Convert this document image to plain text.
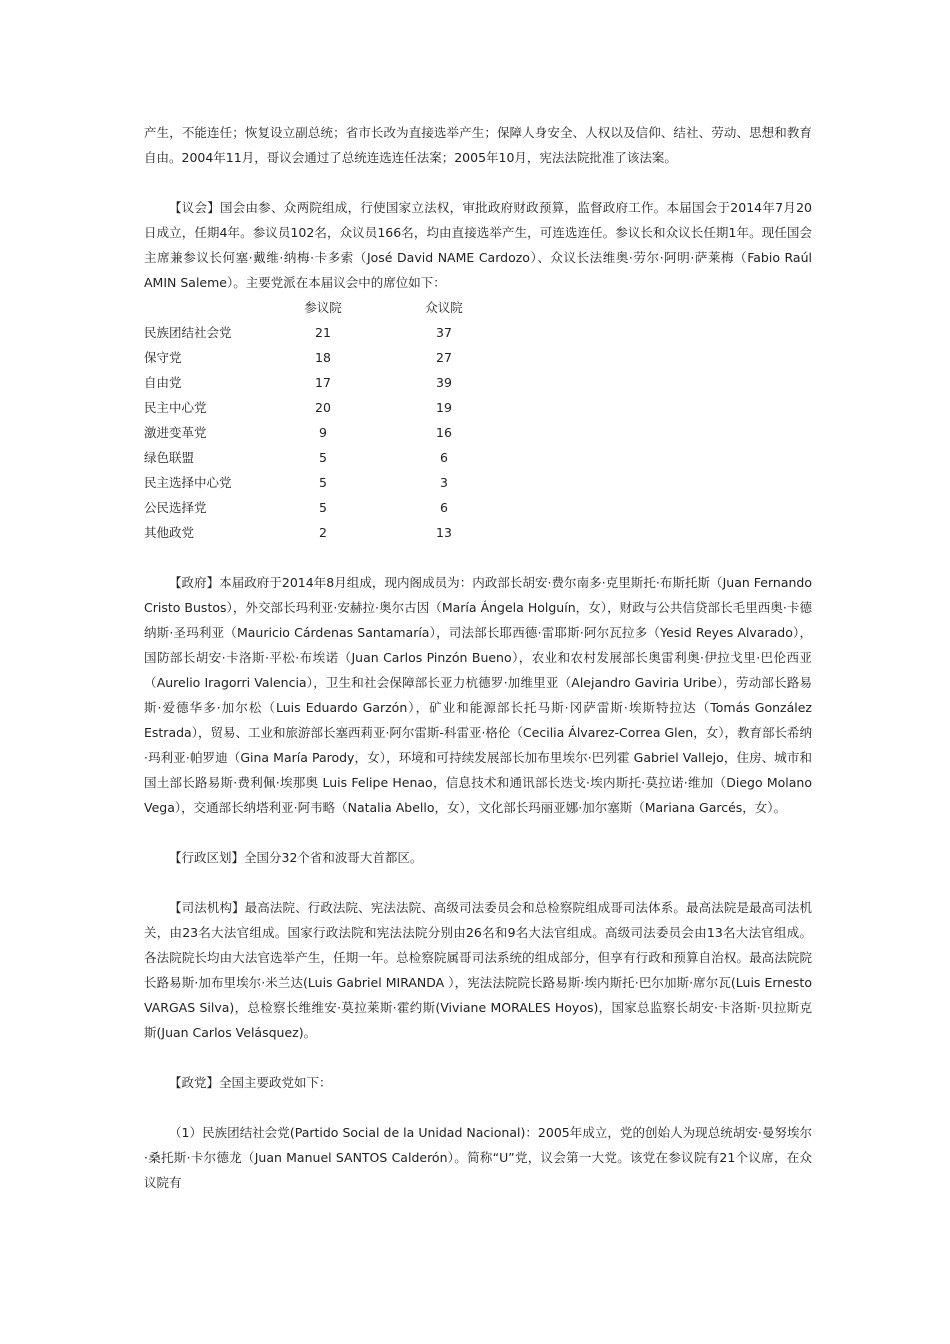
产生，不能连任；恢复设立副总统；省市长改为直接选举产生；保障人身安全、人权以及信仰、结社、劳动、思想和教育自由。2004年11月，哥议会通过了总统连选连任法案；2005年10月，宪法法院批准了该法案。

【议会】国会由参、众两院组成，行使国家立法权，审批政府财政预算，监督政府工作。本届国会于2014年7月20日成立，任期4年。参议员102名，众议员166名，均由直接选举产生，可连选连任。参议长和众议长任期1年。现任国会主席兼参议长何塞·戴维·纳梅·卡多索（José David NAME Cardozo）、众议长法维奥·劳尔·阿明·萨莱梅（Fabio Raúl AMIN Saleme）。主要党派在本届议会中的席位如下：

	参议院		众议院
民族团结社会党	21		37
保守党	18		27
自由党	17		39
民主中心党	20		19
激进变革党	9		16
绿色联盟	5		6
民主选择中心党	5		3
公民选择党	5		6
其他政党	2		13

【政府】本届政府于2014年8月组成，现内阁成员为：内政部长胡安·费尔南多·克里斯托·布斯托斯（Juan Fernando Cristo Bustos），外交部长玛利亚·安赫拉·奥尔古因（María Ángela Holguín，女），财政与公共信贷部长毛里西奥·卡德纳斯·圣玛利亚（Mauricio Cárdenas Santamaría），司法部长耶西德·雷耶斯·阿尔瓦拉多（Yesid Reyes Alvarado），国防部长胡安·卡洛斯·平松·布埃诺（Juan Carlos Pinzón Bueno），农业和农村发展部长奥雷利奥·伊拉戈里·巴伦西亚（Aurelio Iragorri Valencia），卫生和社会保障部长亚力杭德罗·加维里亚（Alejandro Gaviria Uribe），劳动部长路易斯·爱德华多·加尔松（Luis Eduardo Garzón），矿业和能源部长托马斯·冈萨雷斯·埃斯特拉达（Tomás González Estrada），贸易、工业和旅游部长塞西莉亚·阿尔雷斯-科雷亚·格伦（Cecilia Álvarez-Correa Glen，女），教育部长希纳·玛利亚·帕罗迪（Gina María Parody，女），环境和可持续发展部长加布里埃尔·巴列霍 Gabriel Vallejo，住房、城市和国土部长路易斯·费利佩·埃那奥 Luis Felipe Henao，信息技术和通讯部长迭戈·埃内斯托·莫拉诺·维加（Diego Molano Vega），交通部长纳塔利亚·阿韦略（Natalia Abello，女），文化部长玛丽亚娜·加尔塞斯（Mariana Garcés，女）。

【行政区划】全国分32个省和波哥大首都区。

【司法机构】最高法院、行政法院、宪法法院、高级司法委员会和总检察院组成哥司法体系。最高法院是最高司法机关，由23名大法官组成。国家行政法院和宪法法院分别由26名和9名大法官组成。高级司法委员会由13名大法官组成。各法院院长均由大法官选举产生，任期一年。总检察院属哥司法系统的组成部分，但享有行政和预算自治权。最高法院院长路易斯·加布里埃尔·米兰达(Luis Gabriel MIRANDA ），宪法法院院长路易斯·埃内斯托·巴尔加斯·席尔瓦(Luis Ernesto VARGAS Silva)，总检察长维维安·莫拉莱斯·霍约斯(Viviane MORALES Hoyos)，国家总监察长胡安·卡洛斯·贝拉斯克斯(Juan Carlos Velásquez)。

【政党】全国主要政党如下：

（1）民族团结社会党(Partido Social de la Unidad Nacional)：2005年成立，党的创始人为现总统胡安·曼努埃尔·桑托斯·卡尔德龙（Juan Manuel SANTOS Calderón）。简称“U”党，议会第一大党。该党在参议院有21个议席，在众议院有
